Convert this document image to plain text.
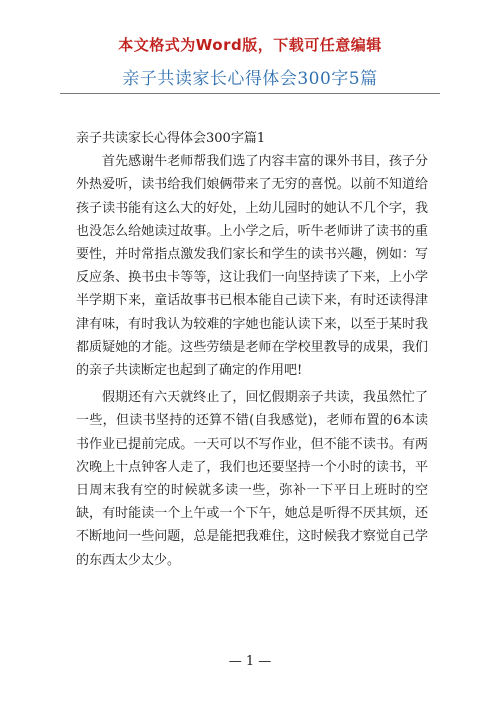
本文格式为Word版，下载可任意编辑
亲子共读家长心得体会300字5篇
亲子共读家长心得体会300字篇1

首先感谢牛老师帮我们选了内容丰富的课外书目，孩子分外热爱听，读书给我们娘俩带来了无穷的喜悦。以前不知道给孩子读书能有这么大的好处，上幼儿园时的她认不几个字，我也没怎么给她读过故事。上小学之后，听牛老师讲了读书的重要性，并时常指点激发我们家长和学生的读书兴趣，例如：写反应条、换书虫卡等等，这让我们一向坚持读了下来，上小学半学期下来，童话故事书已根本能自己读下来，有时还读得津津有味，有时我认为较难的字她也能认读下来，以至于某时我都质疑她的才能。这些劳绩是老师在学校里教导的成果，我们的亲子共读断定也起到了确定的作用吧!

假期还有六天就终止了，回忆假期亲子共读，我虽然忙了一些，但读书坚持的还算不错(自我感觉)，老师布置的6本读书作业已提前完成。一天可以不写作业，但不能不读书。有两次晚上十点钟客人走了，我们也还要坚持一个小时的读书，平日周末我有空的时候就多读一些，弥补一下平日上班时的空缺，有时能读一个上午或一个下午，她总是听得不厌其烦，还不断地问一些问题，总是能把我难住，这时候我才察觉自己学的东西太少太少。

— 1 —
